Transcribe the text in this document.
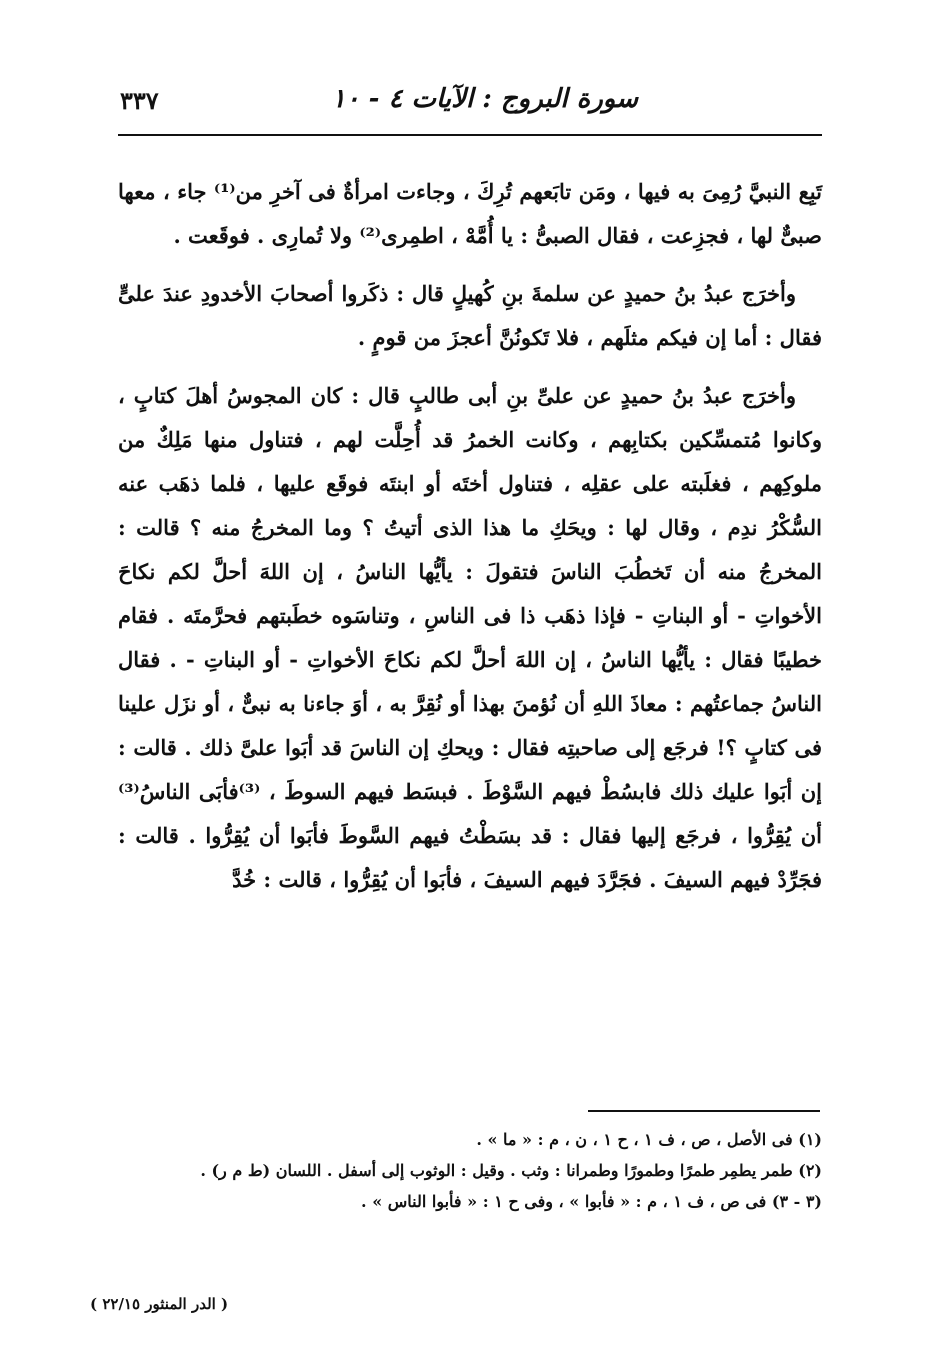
٣٣٧	سورة البروج : الآيات ٤ - ١٠

تَبِع النبيَّ رُمِىَ به فيها ، ومَن تابَعهم تُرِكَ ، وجاءت امرأةٌ فى آخرِ من⁽¹⁾ جاء ، معها صبىٌّ لها ، فجزِعت ، فقال الصبىُّ : يا أُمَّهْ ، اطمِرى⁽²⁾ ولا تُمارِى . فوقَعت .

وأخرَج عبدُ بنُ حميدٍ عن سلمةَ بنِ كُهيلٍ قال : ذكَروا أصحابَ الأخدودِ عندَ علىٍّ فقال : أما إن فيكم مثلَهم ، فلا تَكونُنَّ أعجزَ من قومٍ .

وأخرَج عبدُ بنُ حميدٍ عن علىِّ بنِ أبى طالبٍ قال : كان المجوسُ أهلَ كتابٍ ، وكانوا مُتمسِّكين بكتابِهم ، وكانت الخمرُ قد أُحِلَّت لهم ، فتناول منها مَلِكٌ من ملوكِهم ، فغلَبته على عقلِه ، فتناول أختَه أو ابنتَه فوقَع عليها ، فلما ذهَب عنه السُّكْرُ ندِم ، وقال لها : ويحَكِ ما هذا الذى أتيتُ ؟ وما المخرجُ منه ؟ قالت : المخرجُ منه أن تَخطُبَ الناسَ فتقولَ : يأيُّها الناسُ ، إن اللهَ أحلَّ لكم نكاحَ الأخواتِ - أو البناتِ - فإذا ذهَب ذا فى الناسِ ، وتناسَوه خطَبتهم فحرَّمتَه . فقام خطيبًا فقال : يأيُّها الناسُ ، إن اللهَ أحلَّ لكم نكاحَ الأخواتِ - أو البناتِ - . فقال الناسُ جماعتُهم : معاذَ اللهِ أن نُؤمنَ بهذا أو نُقِرَّ به ، أوَ جاءنا به نبىٌّ ، أو نزَل علينا فى كتابٍ ؟! فرجَع إلى صاحبتِه فقال : ويحكِ إن الناسَ قد أبَوا علىَّ ذلك . قالت : إن أبَوا عليك ذلك فابسُطْ فيهم السَّوْطَ . فبسَط فيهم السوطَ ، ⁽³⁾فأبَى الناسُ⁽³⁾ أن يُقِرُّوا ، فرجَع إليها فقال : قد بسَطْتُ فيهم السَّوطَ فأبَوا أن يُقِرُّوا . قالت : فجَرِّدْ فيهم السيفَ . فجَرَّدَ فيهم السيفَ ، فأبَوا أن يُقِرُّوا ، قالت : خُدَّ

(١) فى الأصل ، ص ، ف ١ ، ح ١ ، ن ، م : « ما » .

(٢) طمر يطمِر طمرًا وطمورًا وطمرانا : وثب . وقيل : الوثوب إلى أسفل . اللسان (ط م ر) .

(٣ - ٣) فى ص ، ف ١ ، م : « فأبوا » ، وفى ح ١ : « فأبوا الناس » .

( الدر المنثور ٢٢/١٥ )
